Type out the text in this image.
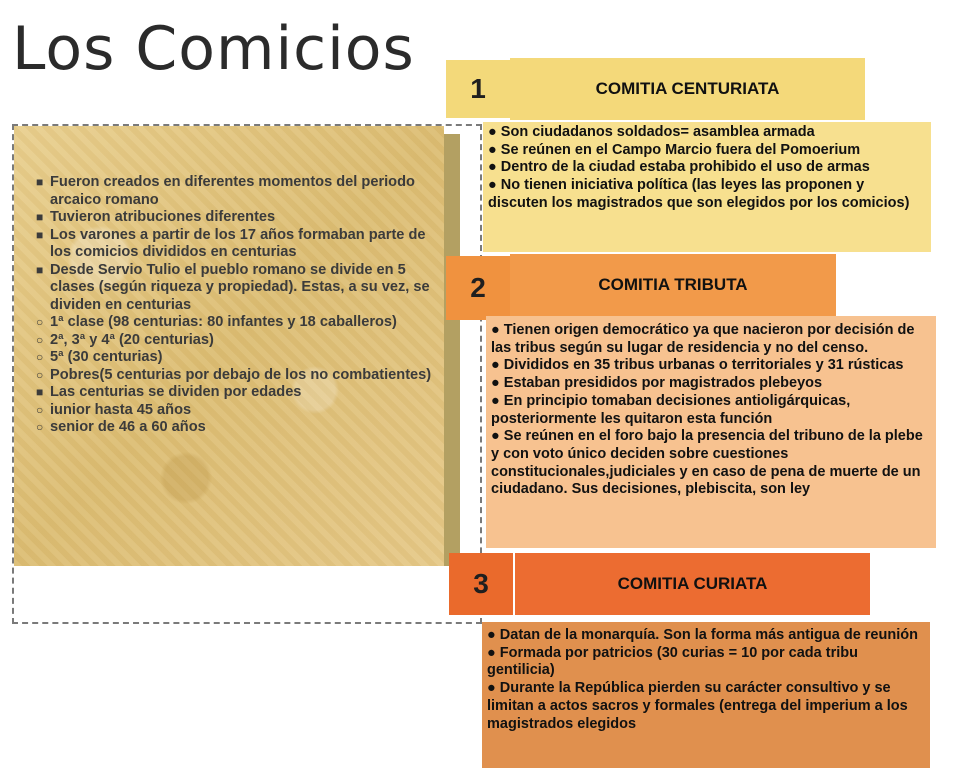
Los Comicios
■ Fueron creados en diferentes momentos del periodo arcaico romano
■ Tuvieron atribuciones diferentes
■ Los varones a partir de los 17 años formaban parte de los comicios divididos en centurias
■ Desde Servio Tulio el pueblo romano se divide en 5 clases (según riqueza y propiedad). Estas, a su vez, se dividen en centurias
○ 1ª clase (98 centurias: 80 infantes y 18 caballeros)
○ 2ª, 3ª y 4ª (20 centurias)
○ 5ª (30 centurias)
○ Pobres(5 centurias por debajo de los no combatientes)
■ Las centurias se dividen por edades
○ iunior hasta 45 años
○ senior de 46 a 60 años
1	COMITIA CENTURIATA

● Son ciudadanos soldados= asamblea armada

● Se reúnen en el Campo Marcio fuera del Pomoerium

● Dentro de la ciudad estaba prohibido el uso de armas

● No tienen iniciativa política (las leyes las proponen y discuten los magistrados que son elegidos por los comicios)

2	COMITIA TRIBUTA

● Tienen origen democrático ya que nacieron por decisión de las tribus según su lugar de residencia y no del censo.

● Divididos en 35 tribus urbanas o territoriales y 31 rústicas

● Estaban presididos por magistrados plebeyos

● En principio tomaban decisiones antioligárquicas, posteriormente les quitaron esta función

● Se reúnen en el foro bajo la presencia del tribuno de la plebe y con voto único deciden sobre cuestiones constitucionales,judiciales y en caso de pena de muerte de un ciudadano. Sus decisiones, plebiscita, son ley

3	COMITIA CURIATA

● Datan de la monarquía. Son la forma más antigua de reunión

● Formada por patricios (30 curias = 10 por cada tribu gentilicia)

● Durante la República pierden su carácter consultivo y se limitan a actos sacros y formales (entrega del imperium a los magistrados elegidos
